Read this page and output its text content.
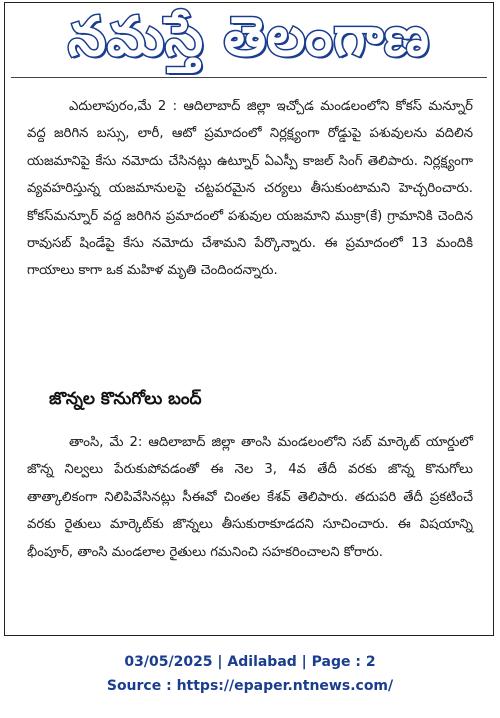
నమస్తే తెలంగాణ
ఎదులాపురం,మే 2 : ఆదిలాబాద్ జిల్లా ఇచ్చోడ మండలంలోని కోకస్ మన్నూర్ వద్ద జరిగిన బస్సు, లారీ, ఆటో ప్రమాదంలో నిర్లక్ష్యంగా రోడ్డుపై పశువులను వదిలిన యజమానిపై కేసు నమోదు చేసినట్లు ఉట్నూర్ ఏఎస్పీ కాజల్ సింగ్ తెలిపారు. నిర్లక్ష్యంగా వ్యవహరిస్తున్న యజమానులపై చట్టపరమైన చర్యలు తీసుకుంటామని హెచ్చరించారు. కోకస్‌మన్నూర్ వద్ద జరిగిన ప్రమాదంలో పశువుల యజమాని ముక్రా(కే) గ్రామానికి చెందిన రావుసబ్ షిండేపై కేసు నమోదు చేశామని పేర్కొన్నారు. ఈ ప్రమాదంలో 13 మందికి గాయాలు కాగా ఒక మహిళ మృతి చెందిందన్నారు.
జొన్నల కొనుగోలు బంద్
తాంసి, మే 2: ఆదిలాబాద్ జిల్లా తాంసి మండలంలోని సబ్ మార్కెట్ యార్డులో జొన్న నిల్వలు పేరుకుపోవడంతో ఈ నెల 3, 4వ తేదీ వరకు జొన్న కొనుగోలు తాత్కాలికంగా నిలిపివేసినట్లు సీఈవో చింతల కేశవ్ తెలిపారు. తదుపరి తేదీ ప్రకటించే వరకు రైతులు మార్కెట్‌కు జొన్నలు తీసుకురాకూడదని సూచించారు. ఈ విషయాన్ని భీంపూర్, తాంసి మండలాల రైతులు గమనించి సహకరించాలని కోరారు.
03/05/2025 | Adilabad | Page : 2
Source : https://epaper.ntnews.com/
